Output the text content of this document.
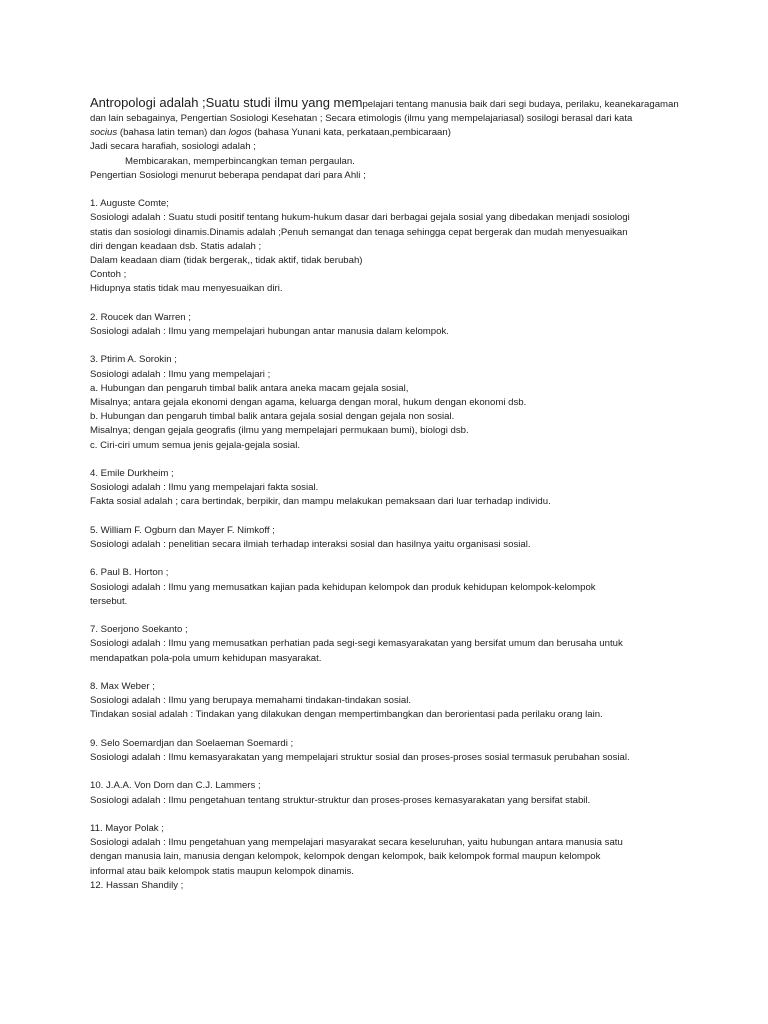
Antropologi adalah ;Suatu studi ilmu yang mempelajari tentang manusia baik dari segi budaya, perilaku, keanekaragaman
dan lain sebagainya, Pengertian Sosiologi Kesehatan ; Secara etimologis (ilmu yang mempelajariasal) sosilogi berasal dari kata
socius (bahasa latin teman) dan logos (bahasa Yunani kata, perkataan,pembicaraan)
Jadi secara harafiah, sosiologi adalah ;
Membicarakan, memperbincangkan teman pergaulan.
Pengertian Sosiologi menurut beberapa pendapat dari para Ahli ;
1. Auguste Comte;
Sosiologi adalah : Suatu studi positif tentang hukum-hukum dasar dari berbagai gejala sosial yang dibedakan menjadi sosiologi
statis dan sosiologi dinamis.Dinamis adalah ;Penuh semangat dan tenaga sehingga cepat bergerak dan mudah menyesuaikan
diri dengan keadaan dsb. Statis adalah ;
Dalam keadaan diam (tidak bergerak,, tidak aktif, tidak berubah)
Contoh ;
Hidupnya statis tidak mau menyesuaikan diri.
2. Roucek dan Warren ;
Sosiologi adalah : Ilmu yang mempelajari hubungan antar manusia dalam kelompok.
3. Ptirim A. Sorokin ;
Sosiologi adalah : Ilmu yang mempelajari ;
a. Hubungan dan pengaruh timbal balik antara aneka macam gejala sosial,
Misalnya; antara gejala ekonomi dengan agama, keluarga dengan moral, hukum dengan ekonomi dsb.
b. Hubungan dan pengaruh timbal balik antara gejala sosial dengan gejala non sosial.
Misalnya; dengan gejala geografis (ilmu yang mempelajari permukaan bumi), biologi dsb.
c. Ciri-ciri umum semua jenis gejala-gejala sosial.
4. Emile Durkheim ;
Sosiologi adalah : Ilmu yang mempelajari fakta sosial.
Fakta sosial adalah ; cara bertindak, berpikir, dan mampu melakukan pemaksaan dari luar terhadap individu.
5. William F. Ogburn dan Mayer F. Nimkoff ;
Sosiologi adalah : penelitian secara ilmiah terhadap interaksi sosial dan hasilnya yaitu organisasi sosial.
6. Paul B. Horton ;
Sosiologi adalah : Ilmu yang memusatkan kajian pada kehidupan kelompok dan produk kehidupan kelompok-kelompok
tersebut.
7. Soerjono Soekanto ;
Sosiologi adalah : Ilmu yang memusatkan perhatian pada segi-segi kemasyarakatan yang bersifat umum dan berusaha untuk
mendapatkan pola-pola umum kehidupan masyarakat.
8. Max Weber ;
Sosiologi adalah : Ilmu yang berupaya memahami tindakan-tindakan sosial.
Tindakan sosial adalah : Tindakan yang dilakukan dengan mempertimbangkan dan berorientasi pada perilaku orang lain.
9. Selo Soemardjan dan Soelaeman Soemardi ;
Sosiologi adalah : Ilmu kemasyarakatan yang mempelajari struktur sosial dan proses-proses sosial termasuk perubahan sosial.
10. J.A.A. Von Dorn dan C.J. Lammers ;
Sosiologi adalah : Ilmu pengetahuan tentang struktur-struktur dan proses-proses kemasyarakatan yang bersifat stabil.
11. Mayor Polak ;
Sosiologi adalah : Ilmu pengetahuan yang mempelajari masyarakat secara keseluruhan, yaitu hubungan antara manusia satu
dengan manusia lain, manusia dengan kelompok, kelompok dengan kelompok, baik kelompok formal maupun kelompok
informal atau baik kelompok statis maupun kelompok dinamis.
12. Hassan Shandily ;
